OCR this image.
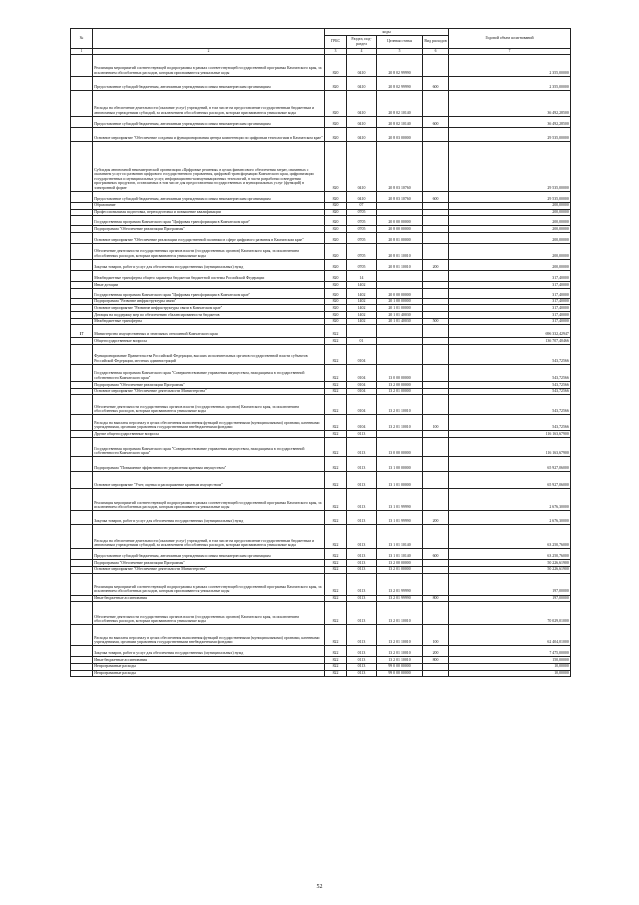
№		коды				Годовой объем ассигнований
		ГРБС	Раздел, под-раздел	Целевая статья	Вид расходов	
1	2	3	4	5	6	7
	Реализация мероприятий соответствующей подпрограммы в рамках соответствующей государственной программы Камчатского края, за исключением обособленных расходов, которым присваиваются уникальные коды	820	0410	20 8 02 99990		2 355,00000
	Предоставление субсидий бюджетным, автономным учреждениям и иным некоммерческим организациям	820	0410	20 8 02 99990	600	2 355,00000
	Расходы на обеспечение деятельности (оказание услуг) учреждений, в том числе на предоставление государственным бюджетным и автономным учреждениям субсидий, за исключением обособленных расходов, которым присваиваются уникальные коды	820	0410	20 8 02 10140		36 492,28500
	Предоставление субсидий бюджетным, автономным учреждениям и иным некоммерческим организациям	820	0410	20 8 02 10140	600	36 492,28500
	Основное мероприятие "Обеспечение создания и функционирования центра компетенции по цифровым технологиям в Камчатском крае"	820	0410	20 8 03 00000		29 535,00000
	Субсидия автономной некоммерческой организации «Цифровые решения» в целях финансового обеспечения затрат, связанных с оказанием услуг по развитию цифрового государственного управления, цифровой трансформации Камчатского края, цифровизации государственных и муниципальных услуг, информационно-коммуникационных технологий, в части разработки и внедрения программных продуктов, оставляемых в том числе для предоставления государственных и муниципальных услуг (функций) в электронной форме	820	0410	20 8 03 10760		29 535,00000
	Предоставление субсидий бюджетным, автономным учреждениям и иным некоммерческим организациям	820	0410	20 8 03 10760	600	29 535,00000
	Образование	820	07			200,00000
	Профессиональная подготовка, переподготовка и повышение квалификации	820	0705			200,00000
	Государственная программа Камчатского края "Цифровая трансформация в Камчатском крае"	820	0705	20 0 00 00000		200,00000
	Подпрограмма "Обеспечение реализации Программы"	820	0705	20 8 00 00000		200,00000
	Основное мероприятие "Обеспечение реализации государственной политики в сфере цифрового развития в Камчатском крае"	820	0705	20 8 01 00000		200,00000
	Обеспечение деятельности государственных органов власти (государственных органов) Камчатского края, за исключением обособленных расходов, которым присваиваются уникальные коды	820	0705	20 8 01 10010		200,00000
	Закупка товаров, работ и услуг для обеспечения государственных (муниципальных) нужд	820	0705	20 8 01 10010	200	200,00000
	Межбюджетные трансферты общего характера бюджетам бюджетной системы Российской Федерации	820	14			317,40000
	Иные дотации	820	1402			317,40000
	Государственная программа Камчатского края "Цифровая трансформация в Камчатском крае"	820	1402	20 0 00 00000		317,40000
	Подпрограмма "Развитие инфраструктуры связи"	820	1402	20 1 00 00000		317,40000
	Основное мероприятие "Развитие инфраструктуры связи в Камчатском крае"	820	1402	20 1 01 00000		317,40000
	Дотация на поддержку мер по обеспечению сбалансированности бюджетов	820	1402	20 1 01 40030		317,40000
	Межбюджетные трансферты	820	1402	20 1 01 40030	500	317,40000
17	Министерство имущественных и земельных отношений Камчатского края	822				696 332,42947
	Общегосударственные вопросы	822	01			136 707,40466
	Функционирование Правительства Российской Федерации, высших исполнительных органов государственной власти субъектов Российской Федерации, местных администраций	822	0104			543,72566
	Государственная программа Камчатского края "Совершенствование управления имуществом, находящимся в государственной собственности Камчатского края"	822	0104	13 0 00 00000		543,72566
	Подпрограмма "Обеспечение реализации Программы"	822	0104	13 2 00 00000		543,72566
	Основное мероприятие "Обеспечение деятельности Министерства"	822	0104	13 2 01 00000		543,72566
	Обеспечение деятельности государственных органов власти (государственных органов) Камчатского края, за исключением обособленных расходов, которым присваиваются уникальные коды	822	0104	13 2 01 10010		543,72566
	Расходы на выплаты персоналу в целях обеспечения выполнения функций государственными (муниципальными) органами, казенными учреждениями, органами управления государственными внебюджетными фондами	822	0104	13 2 01 10010	100	543,72566
	Другие общегосударственные вопросы	822	0113			116 163,67900
	Государственная программа Камчатского края "Совершенствование управления имуществом, находящимся в государственной собственности Камчатского края"	822	0113	13 0 00 00000		116 163,67900
	Подпрограмма "Повышение эффективности управления краевым имуществом"	822	0113	13 1 00 00000		65 927,06000
	Основное мероприятие "Учет, оценка и распоряжение краевым имуществом"	822	0113	13 1 01 00000		65 927,06000
	Реализация мероприятий соответствующей подпрограммы в рамках соответствующей государственной программы Камчатского края, за исключением обособленных расходов, которым присваиваются уникальные коды	822	0113	13 1 01 99990		2 676,30000
	Закупка товаров, работ и услуг для обеспечения государственных (муниципальных) нужд	822	0113	13 1 01 99990	200	2 676,30000
	Расходы на обеспечение деятельности (оказание услуг) учреждений, в том числе на предоставление государственным бюджетным и автономным учреждениям субсидий, за исключением обособленных расходов, которым присваиваются уникальные коды	822	0113	13 1 01 10140		63 250,76000
	Предоставление субсидий бюджетным, автономным учреждениям и иным некоммерческим организациям	822	0113	13 1 01 10140	600	63 250,76000
	Подпрограмма "Обеспечение реализации Программы"	822	0113	13 2 00 00000		50 226,61900
	Основное мероприятие "Обеспечение деятельности Министерства"	822	0113	13 2 01 00000		50 226,61900
	Реализация мероприятий соответствующей подпрограммы в рамках соответствующей государственной программы Камчатского края, за исключением обособленных расходов, которым присваиваются уникальные коды	822	0113	13 2 01 99990		197,00000
	Иные бюджетные ассигнования	822	0113	13 2 01 99990	800	197,00000
	Обеспечение деятельности государственных органов власти (государственных органов) Камчатского края, за исключением обособленных расходов, которым присваиваются уникальные коды	822	0113	13 2 01 10010		70 029,01000
	Расходы на выплаты персоналу в целях обеспечения выполнения функций государственными (муниципальными) органами, казенными учреждениями, органами управления государственными внебюджетными фондами	822	0113	13 2 01 10010	100	62 404,01000
	Закупка товаров, работ и услуг для обеспечения государственных (муниципальных) нужд	822	0113	13 2 01 10010	200	7 475,00000
	Иные бюджетные ассигнования	822	0113	13 2 01 10010	800	150,00000
	Непрограммные расходы	822	0113	99 0 00 00000		10,00000
	Непрограммные расходы	822	0113	99 0 00 00000		10,00000
52
